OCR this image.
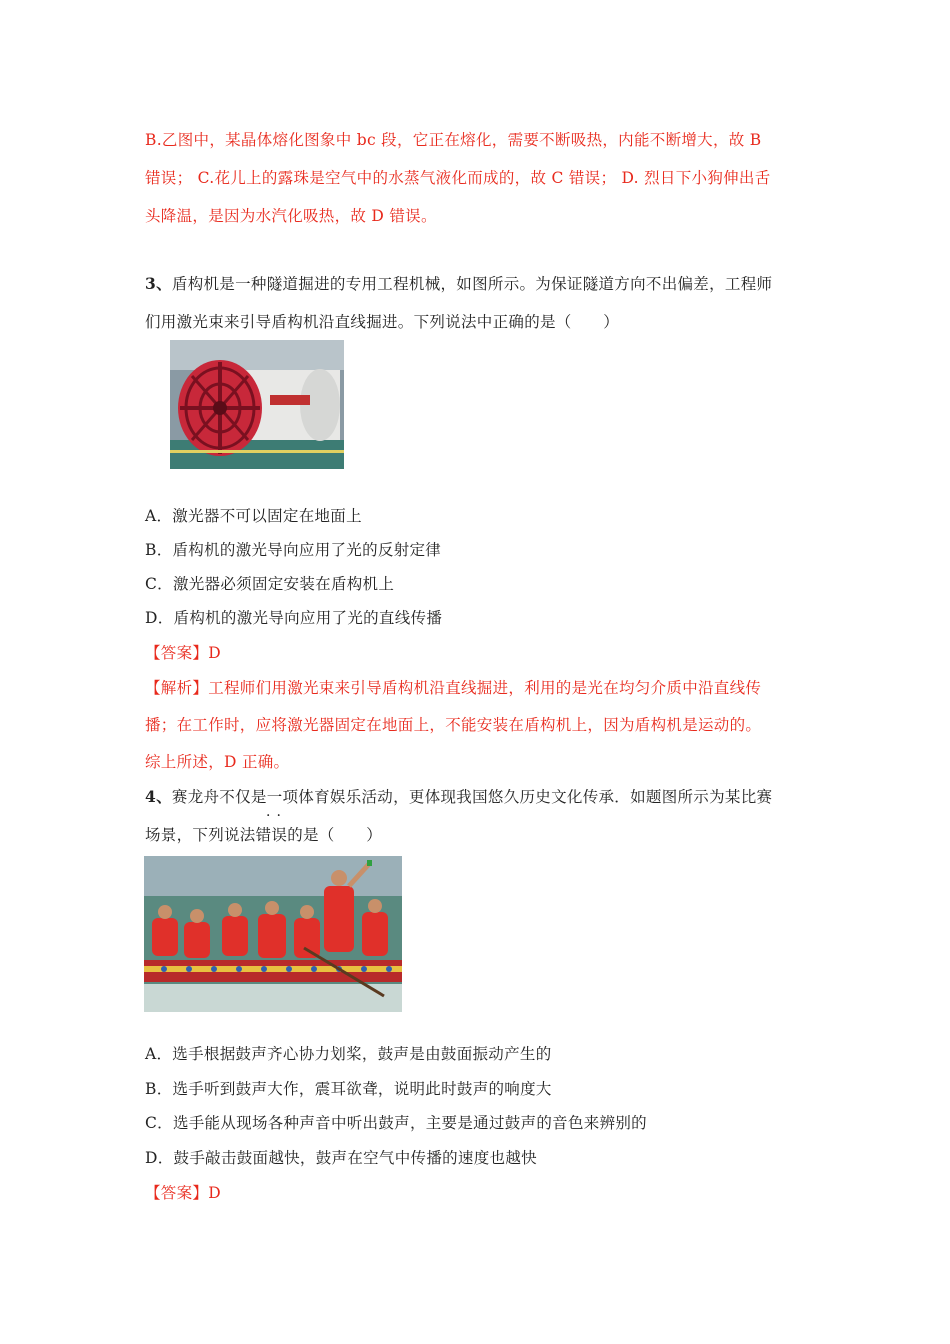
B.乙图中，某晶体熔化图象中 bc 段，它正在熔化，需要不断吸热，内能不断增大，故 B
错误； C.花儿上的露珠是空气中的水蒸气液化而成的，故 C 错误； D. 烈日下小狗伸出舌
头降温，是因为水汽化吸热，故 D 错误。
3、盾构机是一种隧道掘进的专用工程机械，如图所示。为保证隧道方向不出偏差，工程师
们用激光束来引导盾构机沿直线掘进。下列说法中正确的是（　　）
A．激光器不可以固定在地面上
B．盾构机的激光导向应用了光的反射定律
C．激光器必须固定安装在盾构机上
D．盾构机的激光导向应用了光的直线传播
【答案】D
【解析】工程师们用激光束来引导盾构机沿直线掘进，利用的是光在均匀介质中沿直线传
播；在工作时，应将激光器固定在地面上，不能安装在盾构机上，因为盾构机是运动的。
综上所述，D 正确。
4、赛龙舟不仅是一项体育娱乐活动，更体现我国悠久历史文化传承．如题图所示为某比赛
··
场景，下列说法错误的是（　　）
A．选手根据鼓声齐心协力划桨，鼓声是由鼓面振动产生的
B．选手听到鼓声大作，震耳欲聋，说明此时鼓声的响度大
C．选手能从现场各种声音中听出鼓声，主要是通过鼓声的音色来辨别的
D．鼓手敲击鼓面越快，鼓声在空气中传播的速度也越快
【答案】D
